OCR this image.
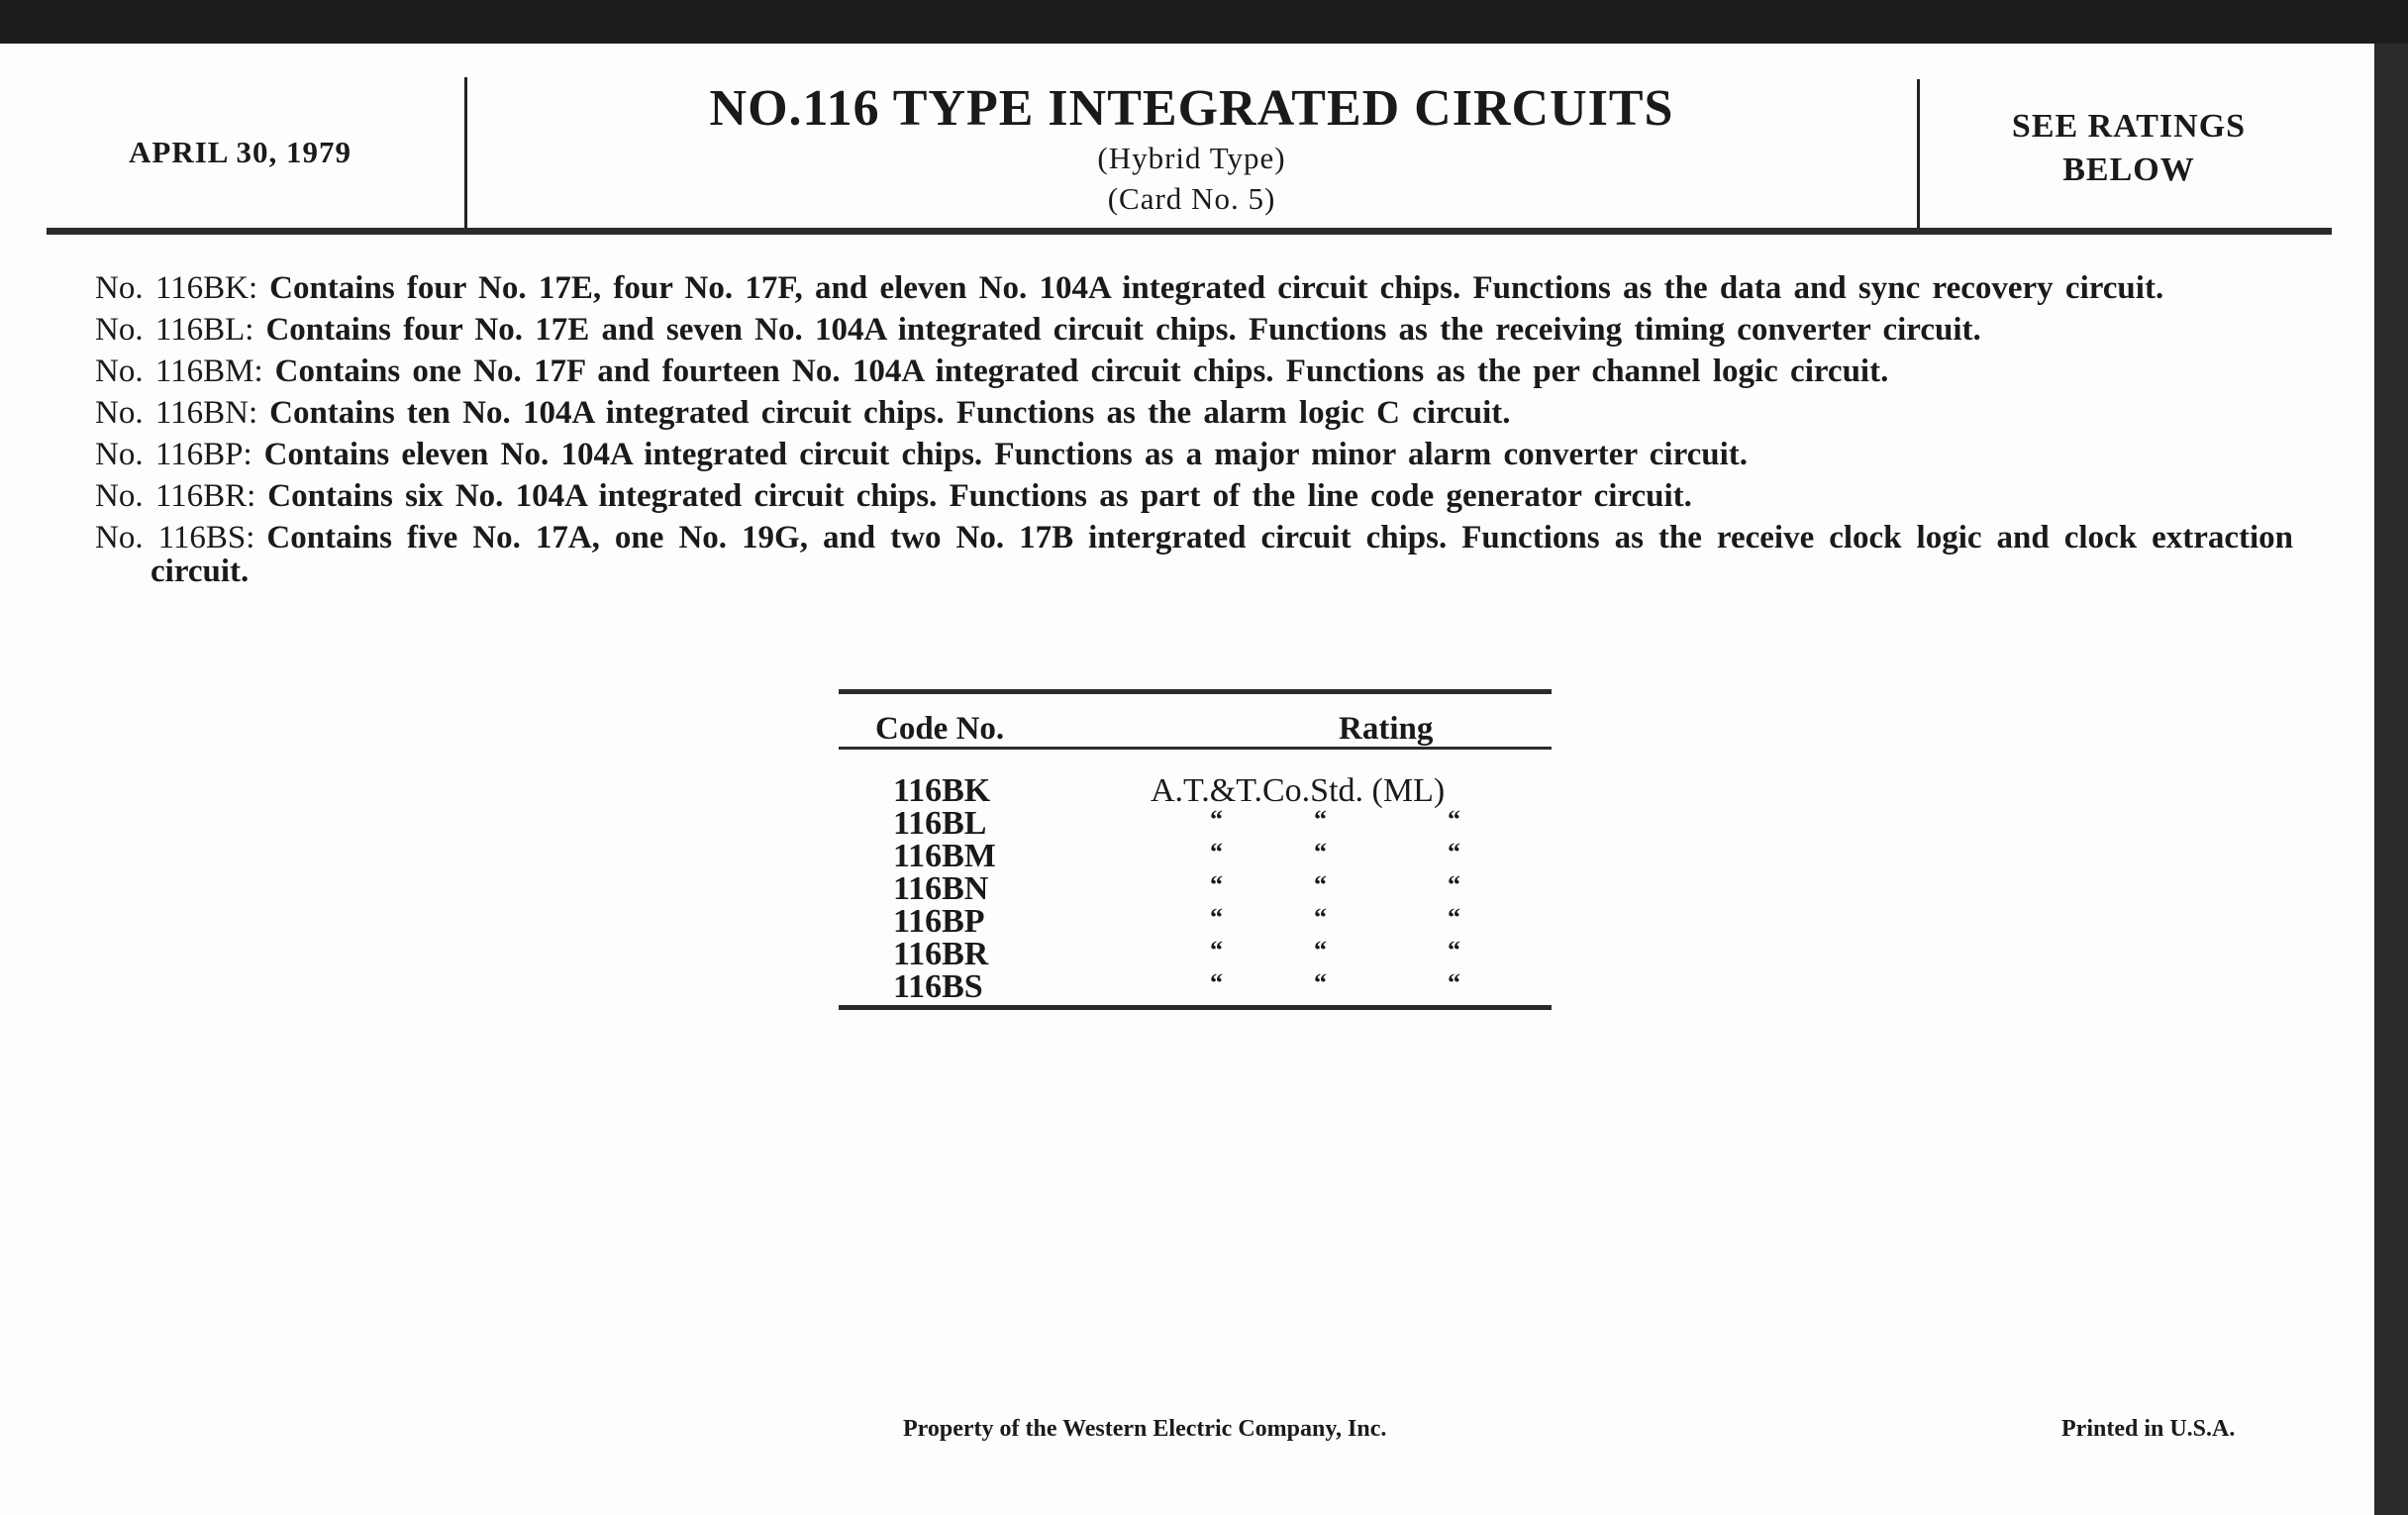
APRIL 30, 1979
NO.116 TYPE INTEGRATED CIRCUITS
(Hybrid Type)
(Card No. 5)
SEE RATINGS
BELOW
No. 116BK: Contains four No. 17E, four No. 17F, and eleven No. 104A integrated circuit chips. Functions as the data and sync recovery circuit.
No. 116BL: Contains four No. 17E and seven No. 104A integrated circuit chips. Functions as the receiving timing converter circuit.
No. 116BM: Contains one No. 17F and fourteen No. 104A integrated circuit chips. Functions as the per channel logic circuit.
No. 116BN: Contains ten No. 104A integrated circuit chips. Functions as the alarm logic C circuit.
No. 116BP: Contains eleven No. 104A integrated circuit chips. Functions as a major minor alarm converter circuit.
No. 116BR: Contains six No. 104A integrated circuit chips. Functions as part of the line code generator circuit.
No. 116BS: Contains five No. 17A, one No. 19G, and two No. 17B intergrated circuit chips. Functions as the receive clock logic and clock extraction circuit.
Code No.	Rating
116BK	A.T.&T.Co.Std. (ML)
116BL	“	“	“
116BM	“	“	“
116BN	“	“	“
116BP	“	“	“
116BR	“	“	“
116BS	“	“	“
Property of the Western Electric Company, Inc.	Printed in U.S.A.
